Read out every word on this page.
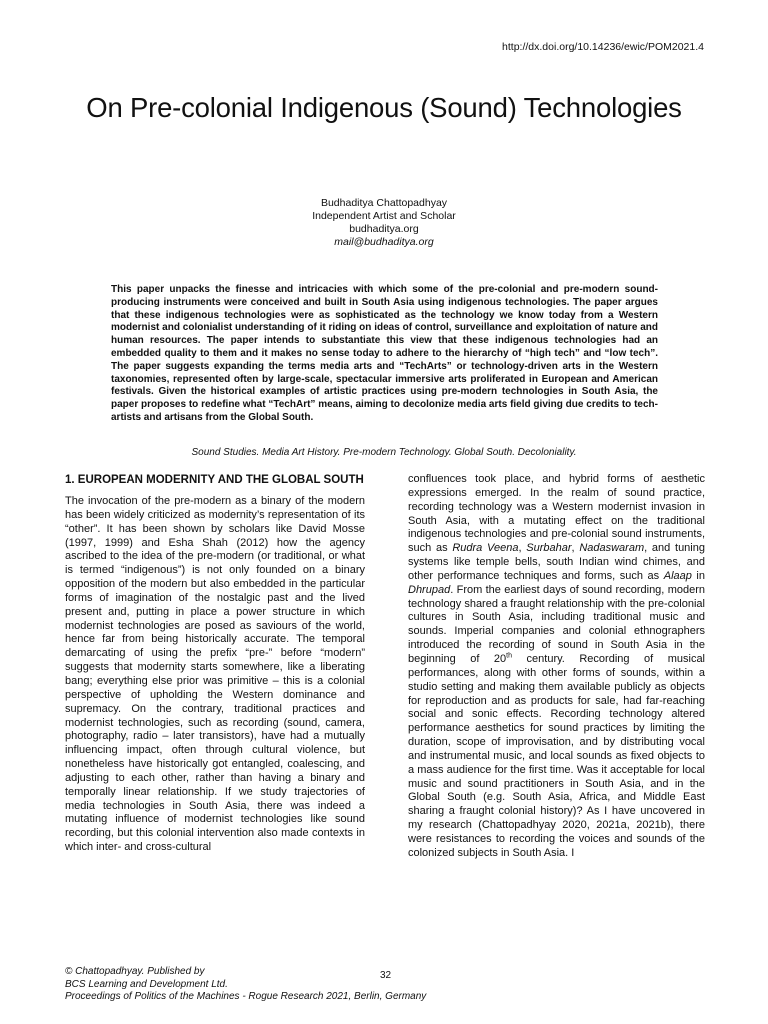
http://dx.doi.org/10.14236/ewic/POM2021.4
On Pre-colonial Indigenous (Sound) Technologies
Budhaditya Chattopadhyay
Independent Artist and Scholar
budhaditya.org
mail@budhaditya.org

This paper unpacks the finesse and intricacies with which some of the pre-colonial and pre-modern sound-producing instruments were conceived and built in South Asia using indigenous technologies. The paper argues that these indigenous technologies were as sophisticated as the technology we know today from a Western modernist and colonialist understanding of it riding on ideas of control, surveillance and exploitation of nature and human resources. The paper intends to substantiate this view that these indigenous technologies had an embedded quality to them and it makes no sense today to adhere to the hierarchy of “high tech” and “low tech”. The paper suggests expanding the terms media arts and “TechArts” or technology-driven arts in the Western taxonomies, represented often by large-scale, spectacular immersive arts proliferated in European and American festivals. Given the historical examples of artistic practices using pre-modern technologies in South Asia, the paper proposes to redefine what “TechArt” means, aiming to decolonize media arts field giving due credits to tech-artists and artisans from the Global South.

Sound Studies. Media Art History. Pre-modern Technology. Global South. Decoloniality.
1. EUROPEAN MODERNITY AND THE GLOBAL SOUTH

The invocation of the pre-modern as a binary of the modern has been widely criticized as modernity’s representation of its “other”. It has been shown by scholars like David Mosse (1997, 1999) and Esha Shah (2012) how the agency ascribed to the idea of the pre-modern (or traditional, or what is termed “indigenous”) is not only founded on a binary opposition of the modern but also embedded in the particular forms of imagination of the nostalgic past and the lived present and, putting in place a power structure in which modernist technologies are posed as saviours of the world, hence far from being historically accurate. The temporal demarcating of using the prefix “pre-” before “modern” suggests that modernity starts somewhere, like a liberating bang; everything else prior was primitive – this is a colonial perspective of upholding the Western dominance and supremacy. On the contrary, traditional practices and modernist technologies, such as recording (sound, camera, photography, radio – later transistors), have had a mutually influencing impact, often through cultural violence, but nonetheless have historically got entangled, coalescing, and adjusting to each other, rather than having a binary and temporally linear relationship. If we study trajectories of media technologies in South Asia, there was indeed a mutating influence of modernist technologies like sound recording, but this colonial intervention also made contexts in which inter- and cross-cultural

confluences took place, and hybrid forms of aesthetic expressions emerged. In the realm of sound practice, recording technology was a Western modernist invasion in South Asia, with a mutating effect on the traditional indigenous technologies and pre-colonial sound instruments, such as Rudra Veena, Surbahar, Nadaswaram, and tuning systems like temple bells, south Indian wind chimes, and other performance techniques and forms, such as Alaap in Dhrupad. From the earliest days of sound recording, modern technology shared a fraught relationship with the pre-colonial cultures in South Asia, including traditional music and sounds. Imperial companies and colonial ethnographers introduced the recording of sound in South Asia in the beginning of 20th century. Recording of musical performances, along with other forms of sounds, within a studio setting and making them available publicly as objects for reproduction and as products for sale, had far-reaching social and sonic effects. Recording technology altered performance aesthetics for sound practices by limiting the duration, scope of improvisation, and by distributing vocal and instrumental music, and local sounds as fixed objects to a mass audience for the first time. Was it acceptable for local music and sound practitioners in South Asia, and in the Global South (e.g. South Asia, Africa, and Middle East sharing a fraught colonial history)? As I have uncovered in my research (Chattopadhyay 2020, 2021a, 2021b), there were resistances to recording the voices and sounds of the colonized subjects in South Asia. I

© Chattopadhyay. Published by
BCS Learning and Development Ltd.
Proceedings of Politics of the Machines - Rogue Research 2021, Berlin, Germany
32
